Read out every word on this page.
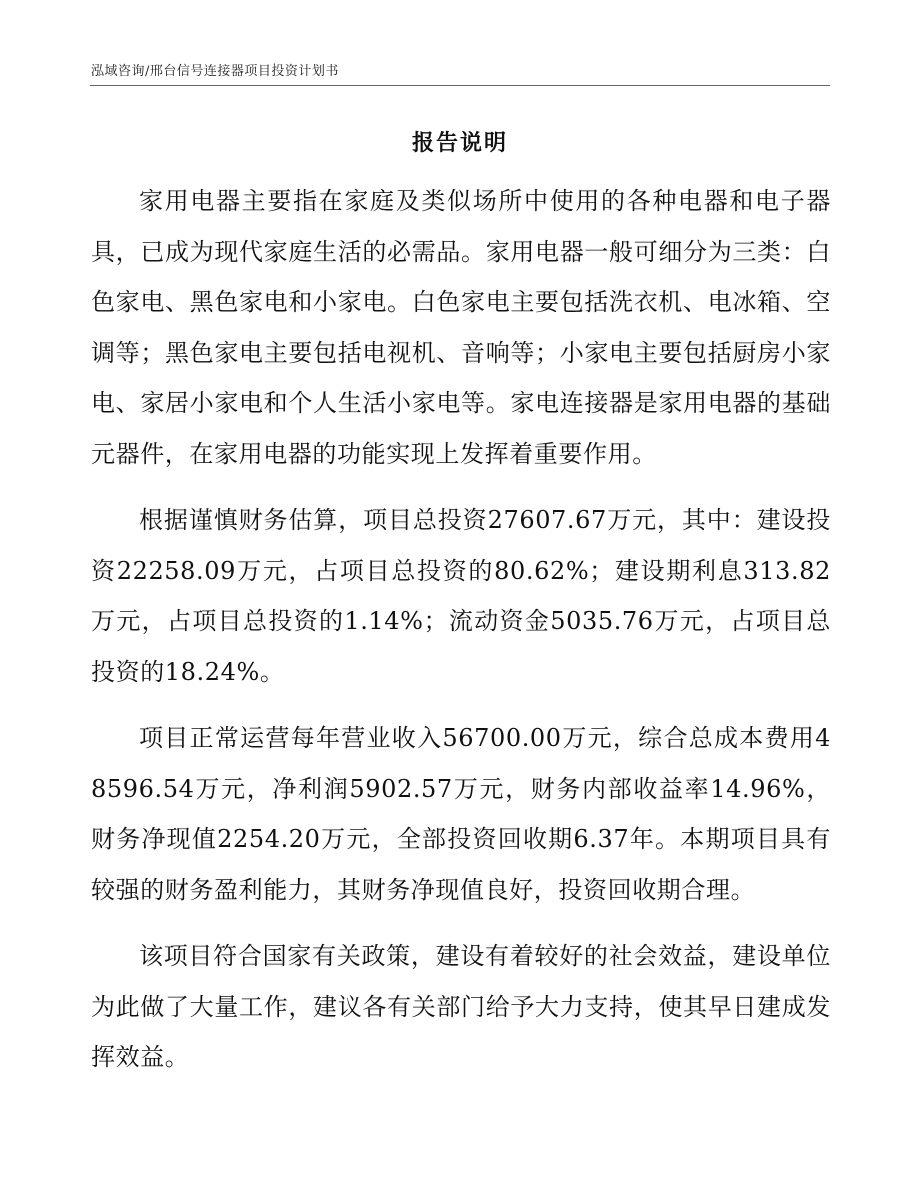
泓域咨询/邢台信号连接器项目投资计划书
报告说明

家用电器主要指在家庭及类似场所中使用的各种电器和电子器具，已成为现代家庭生活的必需品。家用电器一般可细分为三类：白色家电、黑色家电和小家电。白色家电主要包括洗衣机、电冰箱、空调等；黑色家电主要包括电视机、音响等；小家电主要包括厨房小家电、家居小家电和个人生活小家电等。家电连接器是家用电器的基础元器件，在家用电器的功能实现上发挥着重要作用。

根据谨慎财务估算，项目总投资27607.67万元，其中：建设投资22258.09万元，占项目总投资的80.62%；建设期利息313.82万元，占项目总投资的1.14%；流动资金5035.76万元，占项目总投资的18.24%。

项目正常运营每年营业收入56700.00万元，综合总成本费用48596.54万元，净利润5902.57万元，财务内部收益率14.96%，财务净现值2254.20万元，全部投资回收期6.37年。本期项目具有较强的财务盈利能力，其财务净现值良好，投资回收期合理。

该项目符合国家有关政策，建设有着较好的社会效益，建设单位为此做了大量工作，建议各有关部门给予大力支持，使其早日建成发挥效益。
